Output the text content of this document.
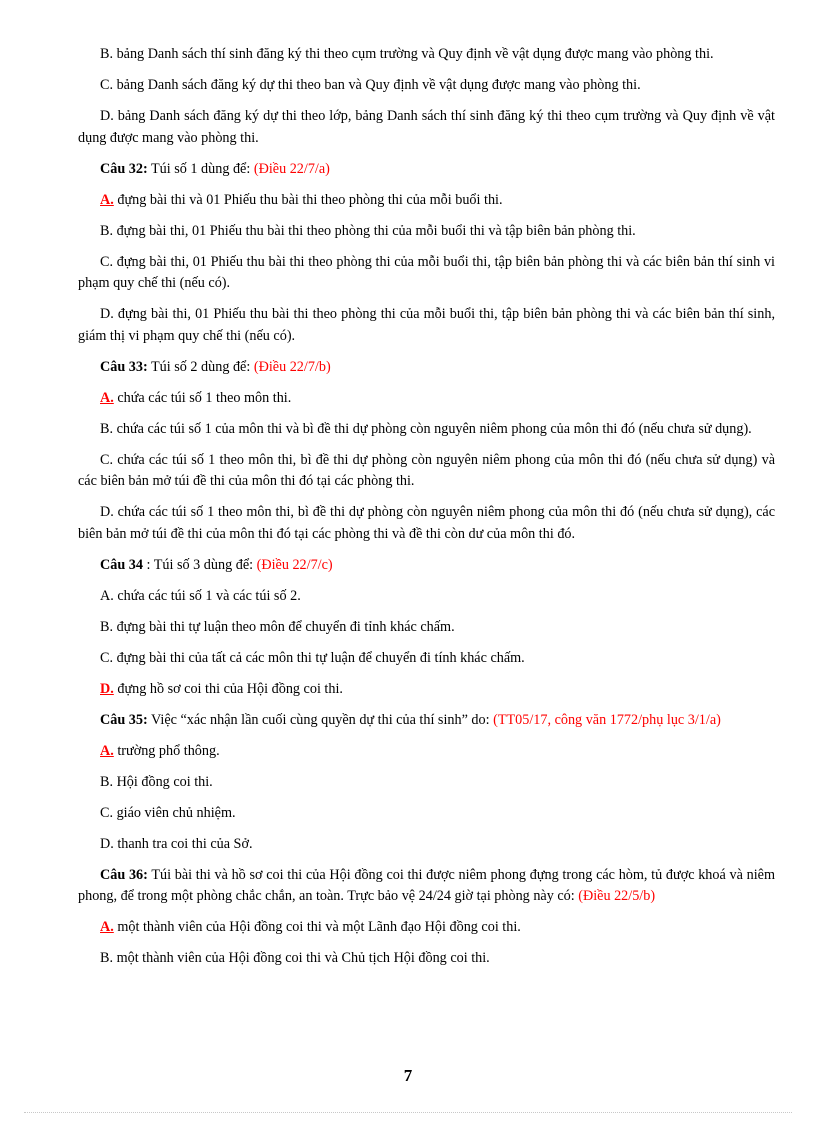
B. bảng Danh sách thí sinh đăng ký thi theo cụm trường và Quy định về vật dụng được mang vào phòng thi.

C. bảng Danh sách đăng ký dự thi theo ban và Quy định về vật dụng được mang vào phòng thi.

D. bảng Danh sách đăng ký dự thi theo lớp, bảng Danh sách thí sinh đăng ký thi theo cụm trường và Quy định về vật dụng được mang vào phòng thi.

Câu 32: Túi số 1 dùng để: (Điều 22/7/a)

A. đựng bài thi và 01 Phiếu thu bài thi theo phòng thi của mỗi buổi thi.

B. đựng bài thi, 01 Phiếu thu bài thi theo phòng thi của mỗi buổi thi và tập biên bản phòng thi.

C. đựng bài thi, 01 Phiếu thu bài thi theo phòng thi của mỗi buổi thi, tập biên bản phòng thi và các biên bản thí sinh vi phạm quy chế thi (nếu có).

D. đựng bài thi, 01 Phiếu thu bài thi theo phòng thi của mỗi buổi thi, tập biên bản phòng thi và các biên bản thí sinh, giám thị vi phạm quy chế thi (nếu có).

Câu 33: Túi số 2 dùng để: (Điều 22/7/b)

A. chứa các túi số 1 theo môn thi.

B. chứa các túi số 1 của môn thi và bì đề thi dự phòng còn nguyên niêm phong của môn thi đó (nếu chưa sử dụng).

C. chứa các túi số 1 theo môn thi, bì đề thi dự phòng còn nguyên niêm phong của môn thi đó (nếu chưa sử dụng) và các biên bản mở túi đề thi của môn thi đó tại các phòng thi.

D. chứa các túi số 1 theo môn thi, bì đề thi dự phòng còn nguyên niêm phong của môn thi đó (nếu chưa sử dụng), các biên bản mở túi đề thi của môn thi đó tại các phòng thi và đề thi còn dư của môn thi đó.

Câu 34 : Túi số 3 dùng để: (Điều 22/7/c)

A. chứa các túi số 1 và các túi số 2.

B. đựng bài thi tự luận theo môn để chuyển đi tỉnh khác chấm.

C. đựng bài thi của tất cả các môn thi tự luận để chuyển đi tính khác chấm.

D. đựng hồ sơ coi thi của Hội đồng coi thi.

Câu 35: Việc “xác nhận lần cuối cùng quyền dự thi của thí sinh” do: (TT05/17, công văn 1772/phụ lục 3/1/a)

A. trường phổ thông.

B. Hội đồng coi thi.

C. giáo viên chủ nhiệm.

D. thanh tra coi thi của Sở.

Câu 36: Túi bài thi và hồ sơ coi thi của Hội đồng coi thi được niêm phong đựng trong các hòm, tủ được khoá và niêm phong, để trong một phòng chắc chắn, an toàn. Trực bảo vệ 24/24 giờ tại phòng này có: (Điều 22/5/b)

A. một thành viên của Hội đồng coi thi và một Lãnh đạo Hội đồng coi thi.

B. một thành viên của Hội đồng coi thi và Chủ tịch Hội đồng coi thi.

7
